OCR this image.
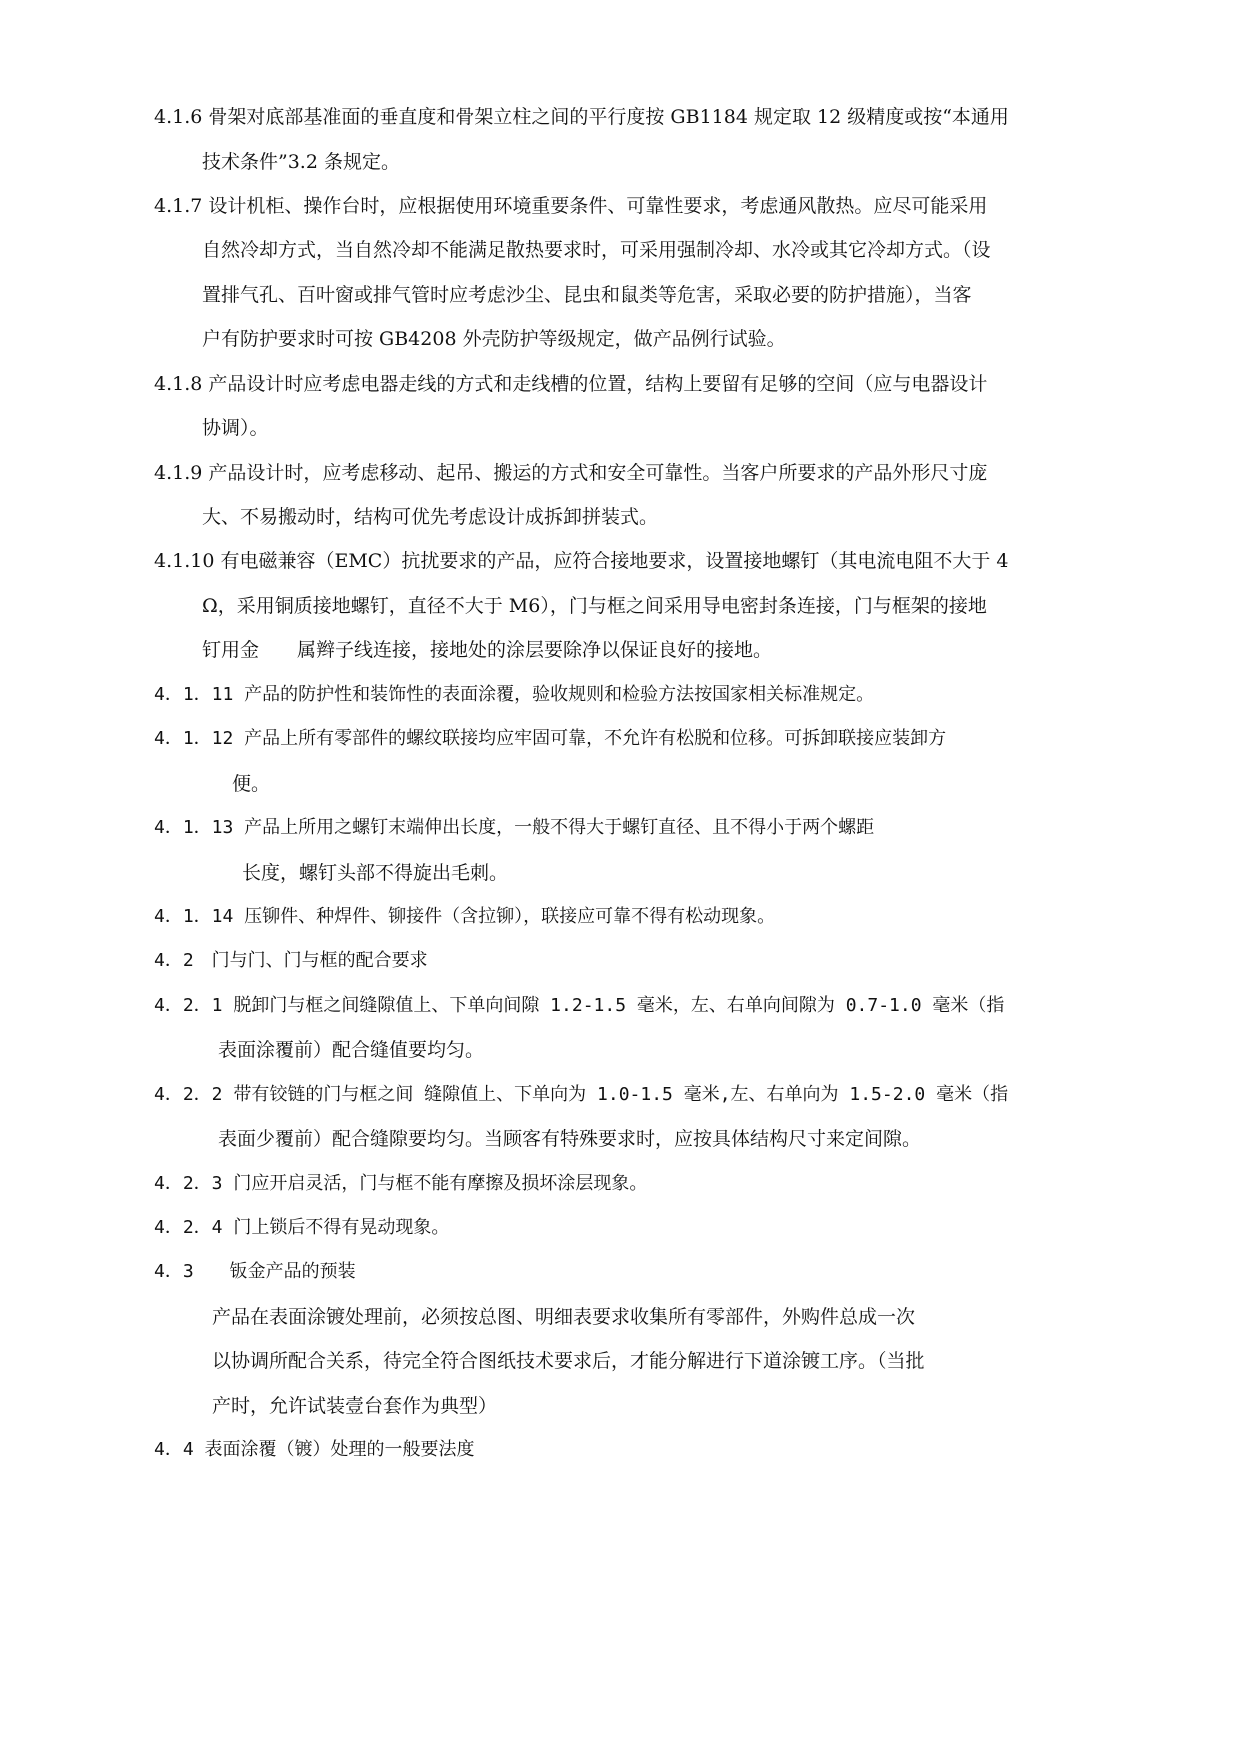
4.1.6 骨架对底部基准面的垂直度和骨架立柱之间的平行度按 GB1184 规定取 12 级精度或按“本通用
技术条件”3.2 条规定。
4.1.7 设计机柜、操作台时，应根据使用环境重要条件、可靠性要求，考虑通风散热。应尽可能采用
自然冷却方式，当自然冷却不能满足散热要求时，可采用强制冷却、水冷或其它冷却方式。（设
置排气孔、百叶窗或排气管时应考虑沙尘、昆虫和鼠类等危害，采取必要的防护措施），当客
户有防护要求时可按 GB4208 外壳防护等级规定，做产品例行试验。
4.1.8 产品设计时应考虑电器走线的方式和走线槽的位置，结构上要留有足够的空间（应与电器设计
协调）。
4.1.9 产品设计时，应考虑移动、起吊、搬运的方式和安全可靠性。当客户所要求的产品外形尺寸庞
大、不易搬动时，结构可优先考虑设计成拆卸拼装式。
4.1.10 有电磁兼容（EMC）抗扰要求的产品，应符合接地要求，设置接地螺钉（其电流电阻不大于 4
Ω，采用铜质接地螺钉，直径不大于 M6），门与框之间采用导电密封条连接，门与框架的接地
钉用金　　属辫子线连接，接地处的涂层要除净以保证良好的接地。
4．1．11 产品的防护性和装饰性的表面涂覆，验收规则和检验方法按国家相关标准规定。
4．1．12 产品上所有零部件的螺纹联接均应牢固可靠，不允许有松脱和位移。可拆卸联接应装卸方
便。
4．1．13 产品上所用之螺钉末端伸出长度，一般不得大于螺钉直径、且不得小于两个螺距
长度，螺钉头部不得旋出毛刺。
4．1．14 压铆件、种焊件、铆接件（含拉铆），联接应可靠不得有松动现象。
4．2　门与门、门与框的配合要求
4．2．1 脱卸门与框之间缝隙值上、下单向间隙 1.2-1.5 毫米，左、右单向间隙为 0.7-1.0 毫米（指
表面涂覆前）配合缝值要均匀。
4．2．2 带有铰链的门与框之间 缝隙值上、下单向为 1.0-1.5 毫米,左、右单向为 1.5-2.0 毫米（指
表面少覆前）配合缝隙要均匀。当顾客有特殊要求时，应按具体结构尺寸来定间隙。
4．2．3 门应开启灵活，门与框不能有摩擦及损坏涂层现象。
4．2．4 门上锁后不得有晃动现象。
4．3　　钣金产品的预装
产品在表面涂镀处理前，必须按总图、明细表要求收集所有零部件，外购件总成一次
以协调所配合关系，待完全符合图纸技术要求后，才能分解进行下道涂镀工序。（当批
产时，允许试装壹台套作为典型）
4．4 表面涂覆（镀）处理的一般要法度
